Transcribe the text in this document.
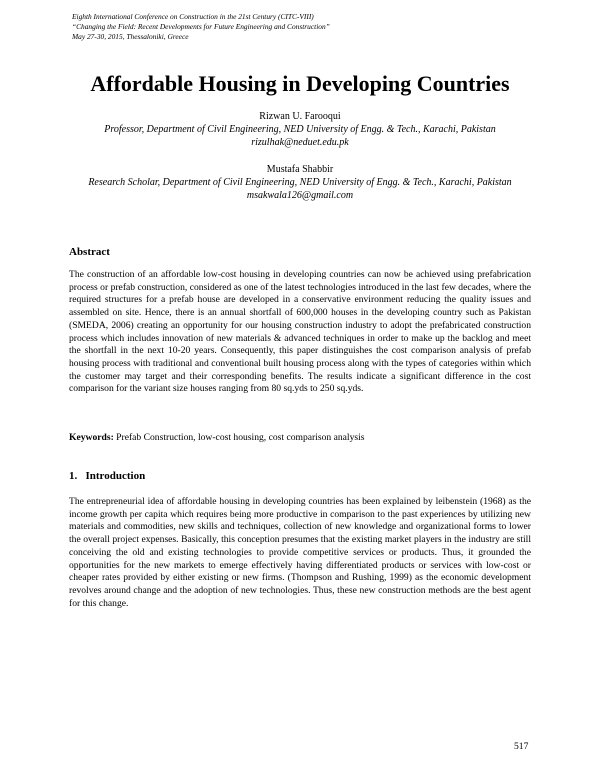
Eighth International Conference on Construction in the 21st Century (CITC-VIII)
“Changing the Field: Recent Developments for Future Engineering and Construction”
May 27-30, 2015, Thessaloniki, Greece
Affordable Housing in Developing Countries
Rizwan U. Farooqui
Professor, Department of Civil Engineering, NED University of Engg. & Tech., Karachi, Pakistan
rizulhak@neduet.edu.pk
Mustafa Shabbir
Research Scholar, Department of Civil Engineering, NED University of Engg. & Tech., Karachi, Pakistan
msakwala126@gmail.com
Abstract
The construction of an affordable low-cost housing in developing countries can now be achieved using prefabrication process or prefab construction, considered as one of the latest technologies introduced in the last few decades, where the required structures for a prefab house are developed in a conservative environment reducing the quality issues and assembled on site. Hence, there is an annual shortfall of 600,000 houses in the developing country such as Pakistan (SMEDA, 2006) creating an opportunity for our housing construction industry to adopt the prefabricated construction process which includes innovation of new materials & advanced techniques in order to make up the backlog and meet the shortfall in the next 10-20 years. Consequently, this paper distinguishes the cost comparison analysis of prefab housing process with traditional and conventional built housing process along with the types of categories within which the customer may target and their corresponding benefits. The results indicate a significant difference in the cost comparison for the variant size houses ranging from 80 sq.yds to 250 sq.yds.
Keywords: Prefab Construction, low-cost housing, cost comparison analysis
1.   Introduction
The entrepreneurial idea of affordable housing in developing countries has been explained by leibenstein (1968) as the income growth per capita which requires being more productive in comparison to the past experiences by utilizing new materials and commodities, new skills and techniques, collection of new knowledge and organizational forms to lower the overall project expenses. Basically, this conception presumes that the existing market players in the industry are still conceiving the old and existing technologies to provide competitive services or products. Thus, it grounded the opportunities for the new markets to emerge effectively having differentiated products or services with low-cost or cheaper rates provided by either existing or new firms. (Thompson and Rushing, 1999) as the economic development revolves around change and the adoption of new technologies. Thus, these new construction methods are the best agent for this change.
517
